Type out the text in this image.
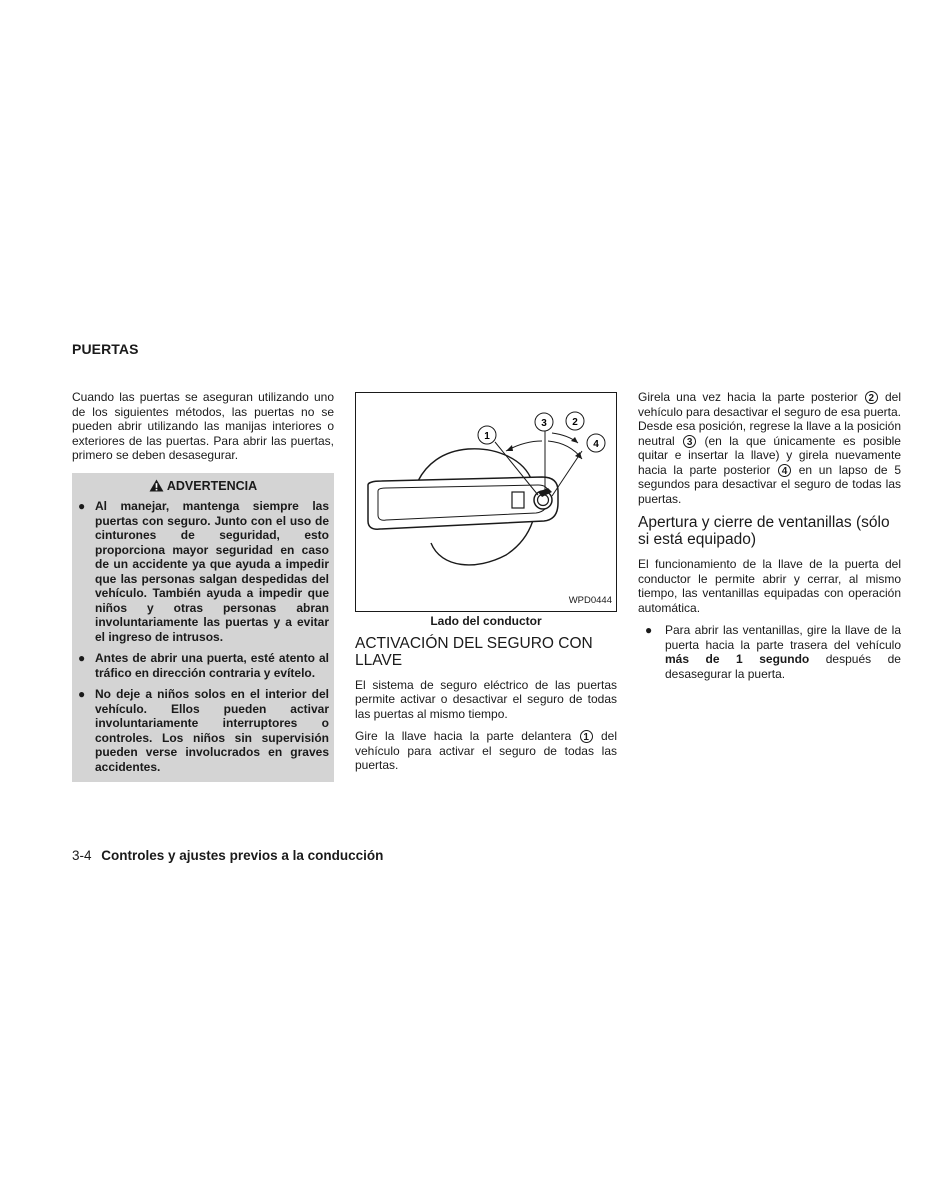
PUERTAS

Cuando las puertas se aseguran utilizando uno de los siguientes métodos, las puertas no se pueden abrir utilizando las manijas interiores o exteriores de las puertas. Para abrir las puertas, primero se deben desasegurar.

ADVERTENCIA
● Al manejar, mantenga siempre las puertas con seguro. Junto con el uso de cinturones de seguridad, esto proporciona mayor seguridad en caso de un accidente ya que ayuda a impedir que las personas salgan despedidas del vehículo. También ayuda a impedir que niños y otras personas abran involuntariamente las puertas y a evitar el ingreso de intrusos.
● Antes de abrir una puerta, esté atento al tráfico en dirección contraria y evítelo.
● No deje a niños solos en el interior del vehículo. Ellos pueden activar involuntariamente interruptores o controles. Los niños sin supervisión pueden verse involucrados en graves accidentes.
1
3	2
4
WPD0444
Lado del conductor
ACTIVACIÓN DEL SEGURO CON LLAVE

El sistema de seguro eléctrico de las puertas permite activar o desactivar el seguro de todas las puertas al mismo tiempo.

Gire la llave hacia la parte delantera 1 del vehículo para activar el seguro de todas las puertas.

Girela una vez hacia la parte posterior 2 del vehículo para desactivar el seguro de esa puerta. Desde esa posición, regrese la llave a la posición neutral 3 (en la que únicamente es posible quitar e insertar la llave) y girela nuevamente hacia la parte posterior 4 en un lapso de 5 segundos para desactivar el seguro de todas las puertas.

Apertura y cierre de ventanillas (sólo si está equipado)

El funcionamiento de la llave de la puerta del conductor le permite abrir y cerrar, al mismo tiempo, las ventanillas equipadas con operación automática.

●	Para abrir las ventanillas, gire la llave de la puerta hacia la parte trasera del vehículo más de 1 segundo después de desasegurar la puerta.
3-4 Controles y ajustes previos a la conducción
